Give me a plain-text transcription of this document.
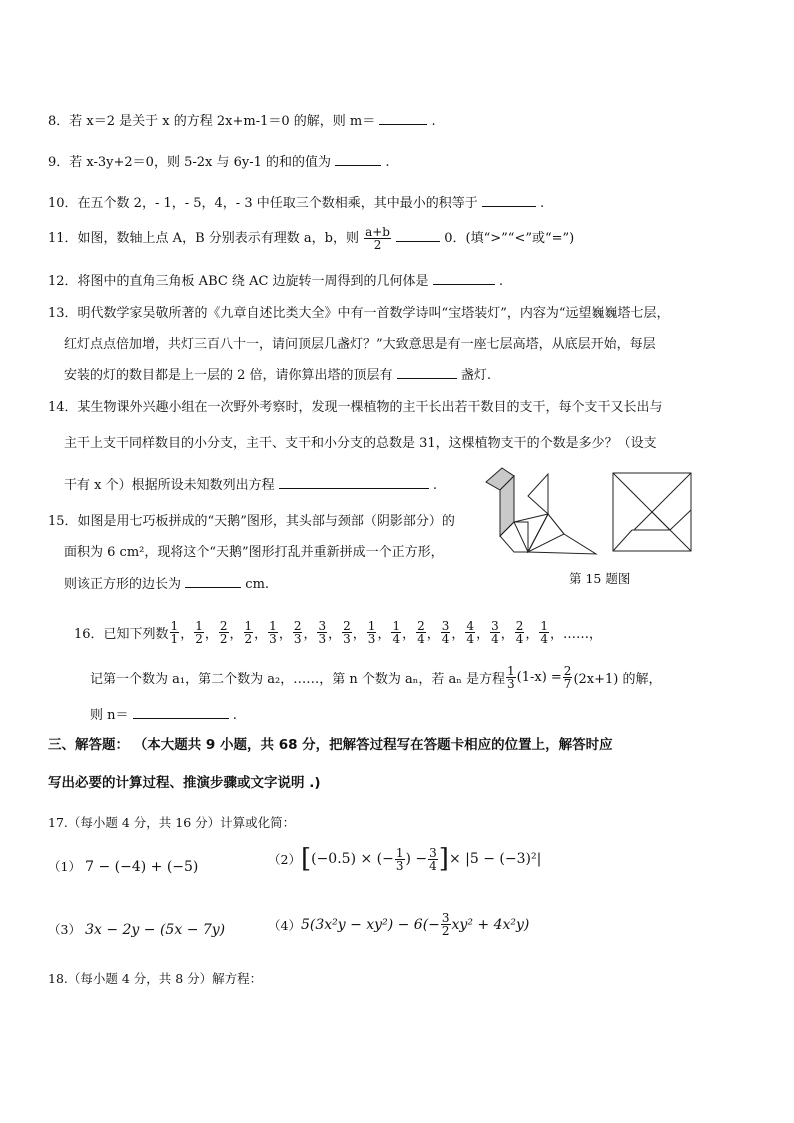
8．若 x＝2 是关于 x 的方程 2x+m-1＝0 的解，则 m＝	.
9．若 x-3y+2＝0，则 5-2x 与 6y-1 的和的值为	.
10．在五个数 2，- 1，- 5，4，- 3 中任取三个数相乘，其中最小的积等于	.
11．如图，数轴上点 A，B 分别表示有理数 a，b，则 $\frac{a+b}{2}$	0．(填“>”“<”或“=”)
12．将图中的直角三角板 ABC 绕 AC 边旋转一周得到的几何体是	.
13．明代数学家吴敬所著的《九章自述比类大全》中有一首数学诗叫“宝塔装灯”，内容为“远望巍巍塔七层，
红灯点点倍加增，共灯三百八十一，请问顶层几盏灯？”大致意思是有一座七层高塔，从底层开始，每层
安装的灯的数目都是上一层的 2 倍，请你算出塔的顶层有	盏灯.
14．某生物课外兴趣小组在一次野外考察时，发现一棵植物的主干长出若干数目的支干，每个支干又长出与
主干上支干同样数目的小分支，主干、支干和小分支的总数是 31，这棵植物支干的个数是多少？（设支
干有 x 个）根据所设未知数列出方程	.
15．如图是用七巧板拼成的“天鹅”图形，其头部与颈部（阴影部分）的
面积为 6 cm²，现将这个“天鹅”图形打乱并重新拼成一个正方形，
则该正方形的边长为	cm.	第 15 题图
16．已知下列数 $\frac{1}{1}$ ， $\frac{1}{2}$ ， $\frac{2}{2}$ ， $\frac{1}{2}$ ， $\frac{1}{3}$ ， $\frac{2}{3}$ ， $\frac{3}{3}$ ， $\frac{2}{3}$ ， $\frac{1}{3}$ ， $\frac{1}{4}$ ， $\frac{2}{4}$ ， $\frac{3}{4}$ ， $\frac{4}{4}$ ， $\frac{3}{4}$ ， $\frac{2}{4}$ ， $\frac{1}{4}$ ，……，
记第一个数为 a₁，第二个数为 a₂，……，第 n 个数为 aₙ，若 aₙ 是方程 $\frac{1}{3} (1-x) = \frac{2}{7} (2x+1)$ 的解，
则 n＝	.
三、解答题： （本大题共 9 小题，共 68 分，把解答过程写在答题卡相应的位置上，解答时应
写出必要的计算过程、推演步骤或文字说明 .)
17.（每小题 4 分，共 16 分）计算或化简：
（1） 7 − (−4) + (−5)	（2） [ (−0.5) × (− $\frac{1}{3}$ ) − $\frac{3}{4}$ ] × |5 − (−3)²|
（3） 3x − 2y − (5x − 7y)	（4） $5(3x^2y - xy^2) - 6(- \frac{3}{2} xy^2 + 4x^2y)$
18.（每小题 4 分，共 8 分）解方程：
